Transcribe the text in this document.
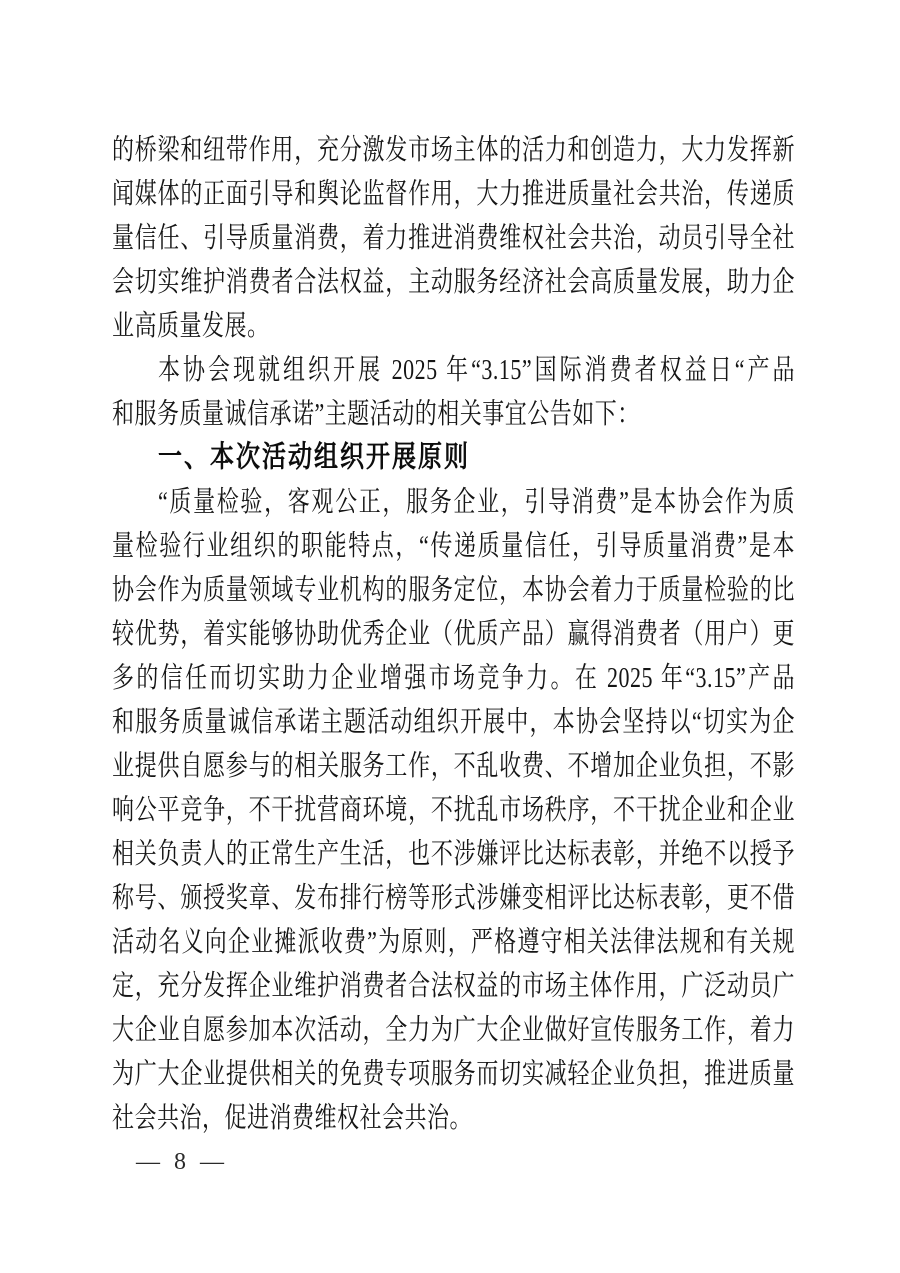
的桥梁和纽带作用，充分激发市场主体的活力和创造力，大力发挥新
闻媒体的正面引导和舆论监督作用，大力推进质量社会共治，传递质
量信任、引导质量消费，着力推进消费维权社会共治，动员引导全社
会切实维护消费者合法权益，主动服务经济社会高质量发展，助力企
业高质量发展。
本协会现就组织开展 2025 年“3.15”国际消费者权益日“产品
和服务质量诚信承诺”主题活动的相关事宜公告如下：
一、本次活动组织开展原则
“质量检验，客观公正，服务企业，引导消费”是本协会作为质
量检验行业组织的职能特点，“传递质量信任，引导质量消费”是本
协会作为质量领域专业机构的服务定位，本协会着力于质量检验的比
较优势，着实能够协助优秀企业（优质产品）赢得消费者（用户）更
多的信任而切实助力企业增强市场竞争力。在 2025 年“3.15”产品
和服务质量诚信承诺主题活动组织开展中，本协会坚持以“切实为企
业提供自愿参与的相关服务工作，不乱收费、不增加企业负担，不影
响公平竞争，不干扰营商环境，不扰乱市场秩序，不干扰企业和企业
相关负责人的正常生产生活，也不涉嫌评比达标表彰，并绝不以授予
称号、颁授奖章、发布排行榜等形式涉嫌变相评比达标表彰，更不借
活动名义向企业摊派收费”为原则，严格遵守相关法律法规和有关规
定，充分发挥企业维护消费者合法权益的市场主体作用，广泛动员广
大企业自愿参加本次活动，全力为广大企业做好宣传服务工作，着力
为广大企业提供相关的免费专项服务而切实减轻企业负担，推进质量
社会共治，促进消费维权社会共治。
— 8 —
